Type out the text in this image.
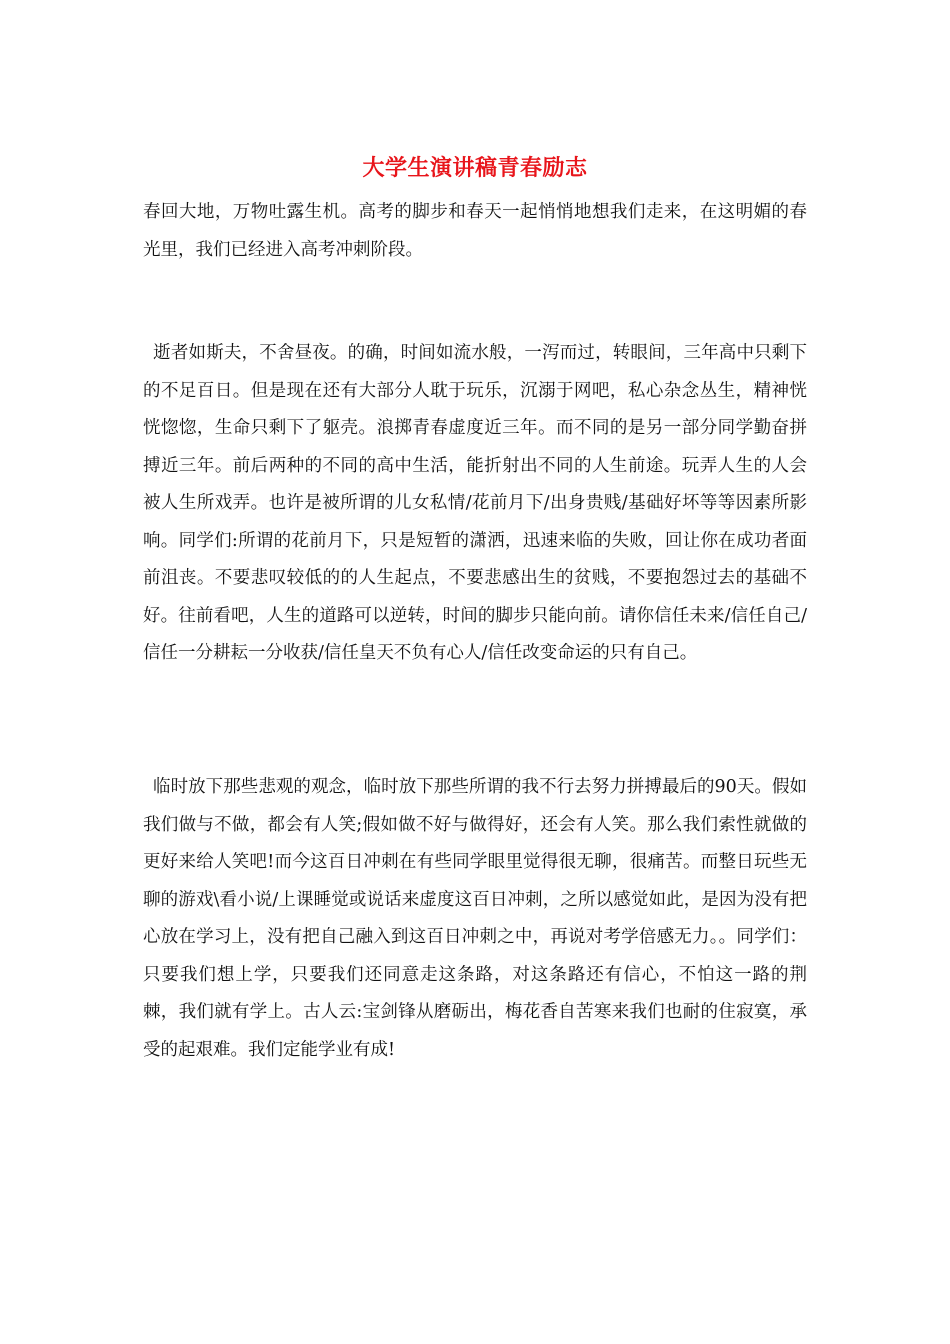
大学生演讲稿青春励志

春回大地，万物吐露生机。高考的脚步和春天一起悄悄地想我们走来，在这明媚的春光里，我们已经进入高考冲刺阶段。

逝者如斯夫，不舍昼夜。的确，时间如流水般，一泻而过，转眼间，三年高中只剩下的不足百日。但是现在还有大部分人耽于玩乐，沉溺于网吧，私心杂念丛生，精神恍恍惚惚，生命只剩下了躯壳。浪掷青春虚度近三年。而不同的是另一部分同学勤奋拼搏近三年。前后两种的不同的高中生活，能折射出不同的人生前途。玩弄人生的人会被人生所戏弄。也许是被所谓的儿女私情/花前月下/出身贵贱/基础好坏等等因素所影响。同学们:所谓的花前月下，只是短暂的潇洒，迅速来临的失败，回让你在成功者面前沮丧。不要悲叹较低的的人生起点，不要悲感出生的贫贱，不要抱怨过去的基础不好。往前看吧，人生的道路可以逆转，时间的脚步只能向前。请你信任未来/信任自己/信任一分耕耘一分收获/信任皇天不负有心人/信任改变命运的只有自己。

临时放下那些悲观的观念，临时放下那些所谓的我不行去努力拼搏最后的90天。假如我们做与不做，都会有人笑;假如做不好与做得好，还会有人笑。那么我们索性就做的更好来给人笑吧!而今这百日冲刺在有些同学眼里觉得很无聊，很痛苦。而整日玩些无聊的游戏\看小说/上课睡觉或说话来虚度这百日冲刺，之所以感觉如此，是因为没有把心放在学习上，没有把自己融入到这百日冲刺之中，再说对考学倍感无力。。同学们：只要我们想上学，只要我们还同意走这条路，对这条路还有信心，不怕这一路的荆棘，我们就有学上。古人云:宝剑锋从磨砺出，梅花香自苦寒来我们也耐的住寂寞，承受的起艰难。我们定能学业有成!
